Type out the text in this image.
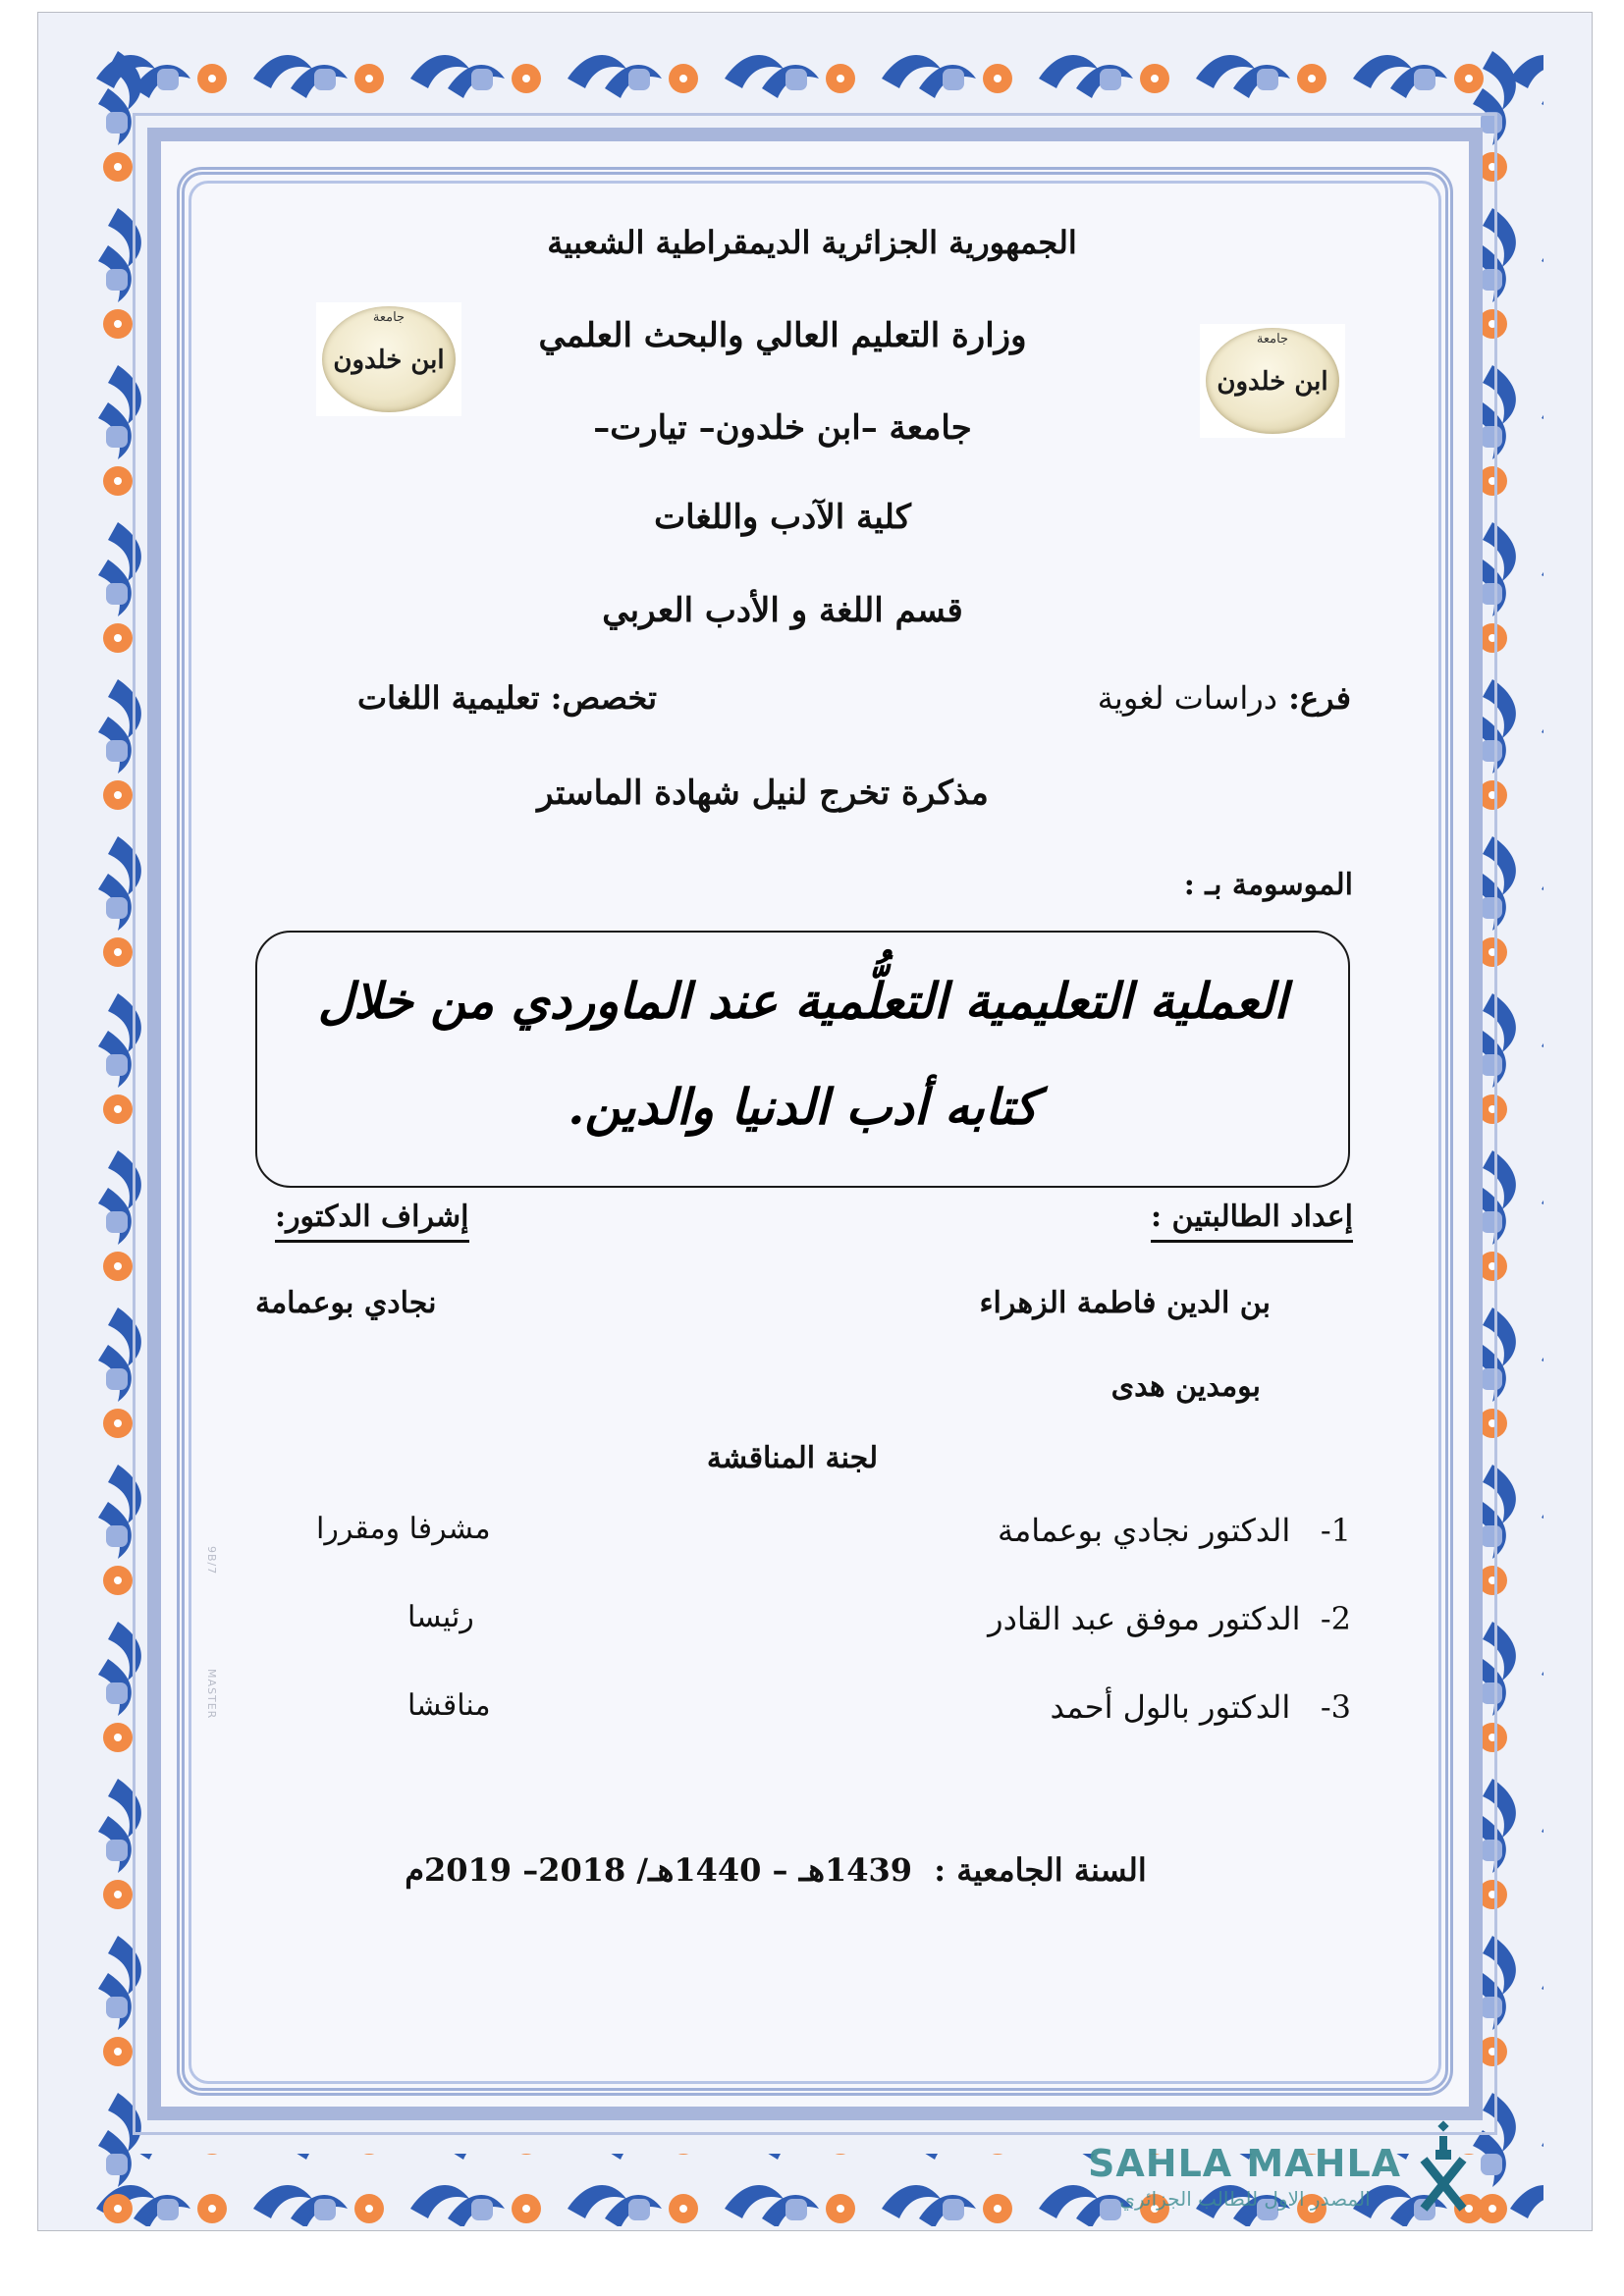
جامعة
ابن خلدون
جامعة
ابن خلدون
الجمهورية الجزائرية الديمقراطية الشعبية
وزارة التعليم العالي والبحث العلمي
جامعة –ابن خلدون– تيارت–
كلية الآدب واللغات
قسم اللغة و الأدب العربي
فرع: دراسات لغوية
تخصص: تعليمية اللغات
مذكرة تخرج لنيل شهادة الماستر
الموسومة بـ :
العملية التعليمية التعلُّمية عند الماوردي من خلال
كتابه أدب الدنيا والدين.
إعداد الطالبتين :
إشراف الدكتور:
بن الدين فاطمة الزهراء
بومدين هدى
نجادي بوعمامة
لجنة المناقشة
1-   الدكتور نجادي بوعمامة
مشرفا ومقررا
2-  الدكتور موفق عبد القادر
رئيسا
3-   الدكتور بالول أحمد
مناقشا
السنة الجامعية :  1439هـ – 1440هـ/ 2018– 2019م
9B/7
MASTER
SAHLA MAHLA
المصدر الاول للطالب الجزائري
